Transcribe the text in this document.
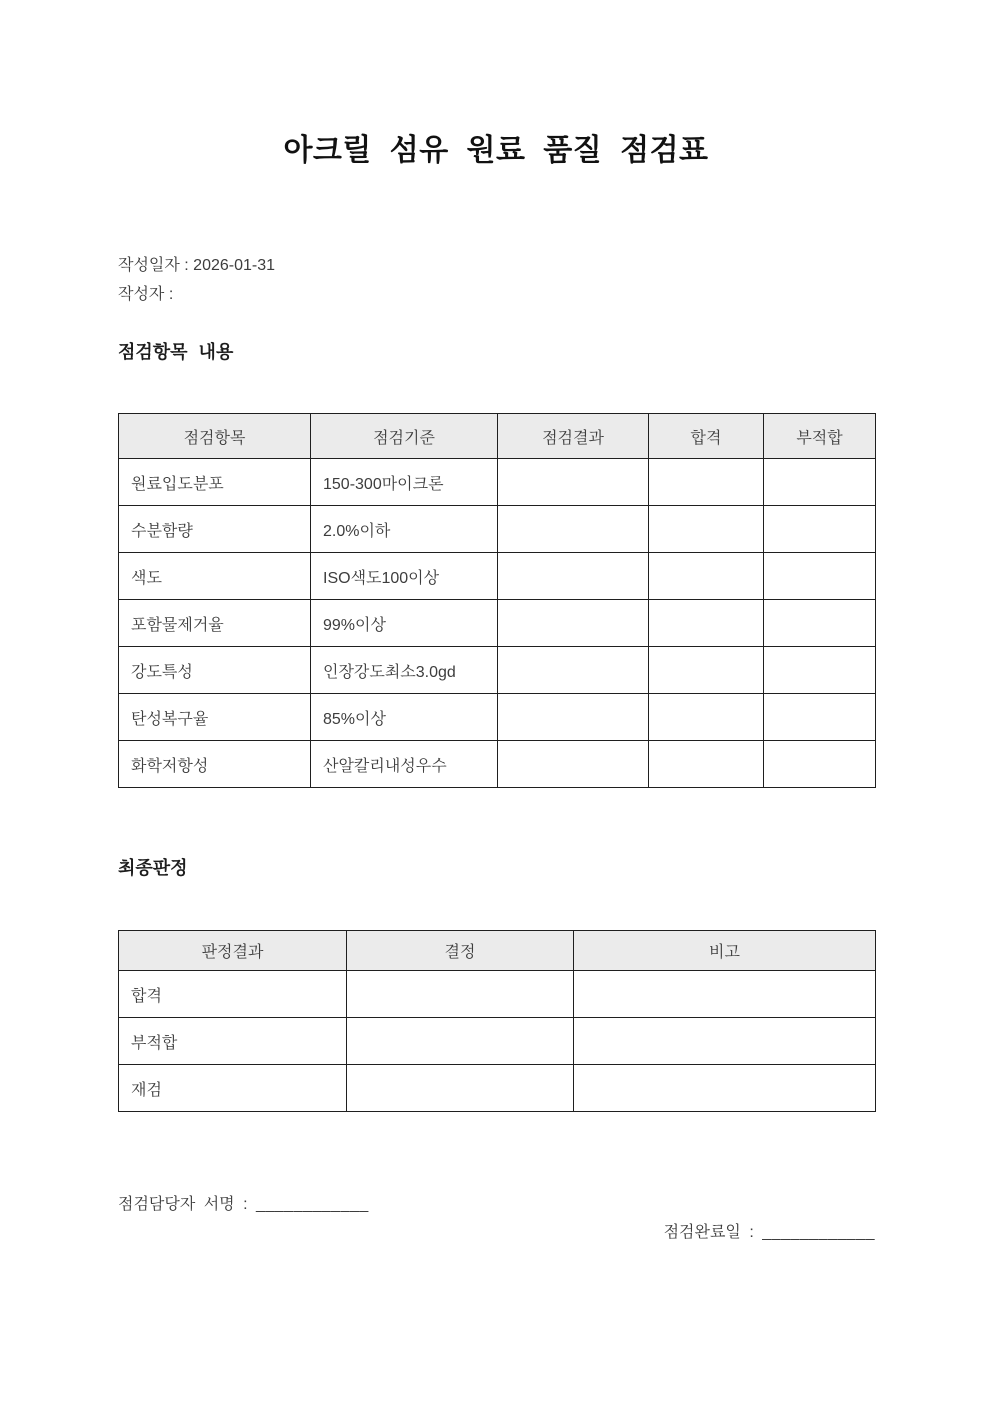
아크릴 섬유 원료 품질 점검표
작성일자 : 2026-01-31
작성자 :
점검항목 내용
점검항목	점검기준	점검결과	합격	부적합
원료입도분포	150-300마이크론			
수분함량	2.0%이하			
색도	ISO색도100이상			
포함물제거율	99%이상			
강도특성	인장강도최소3.0gd			
탄성복구율	85%이상			
화학저항성	산알칼리내성우수			
최종판정
판정결과	결정	비고
합격		
부적합		
재검		
점검담당자 서명 : ____________
점검완료일 : ____________
